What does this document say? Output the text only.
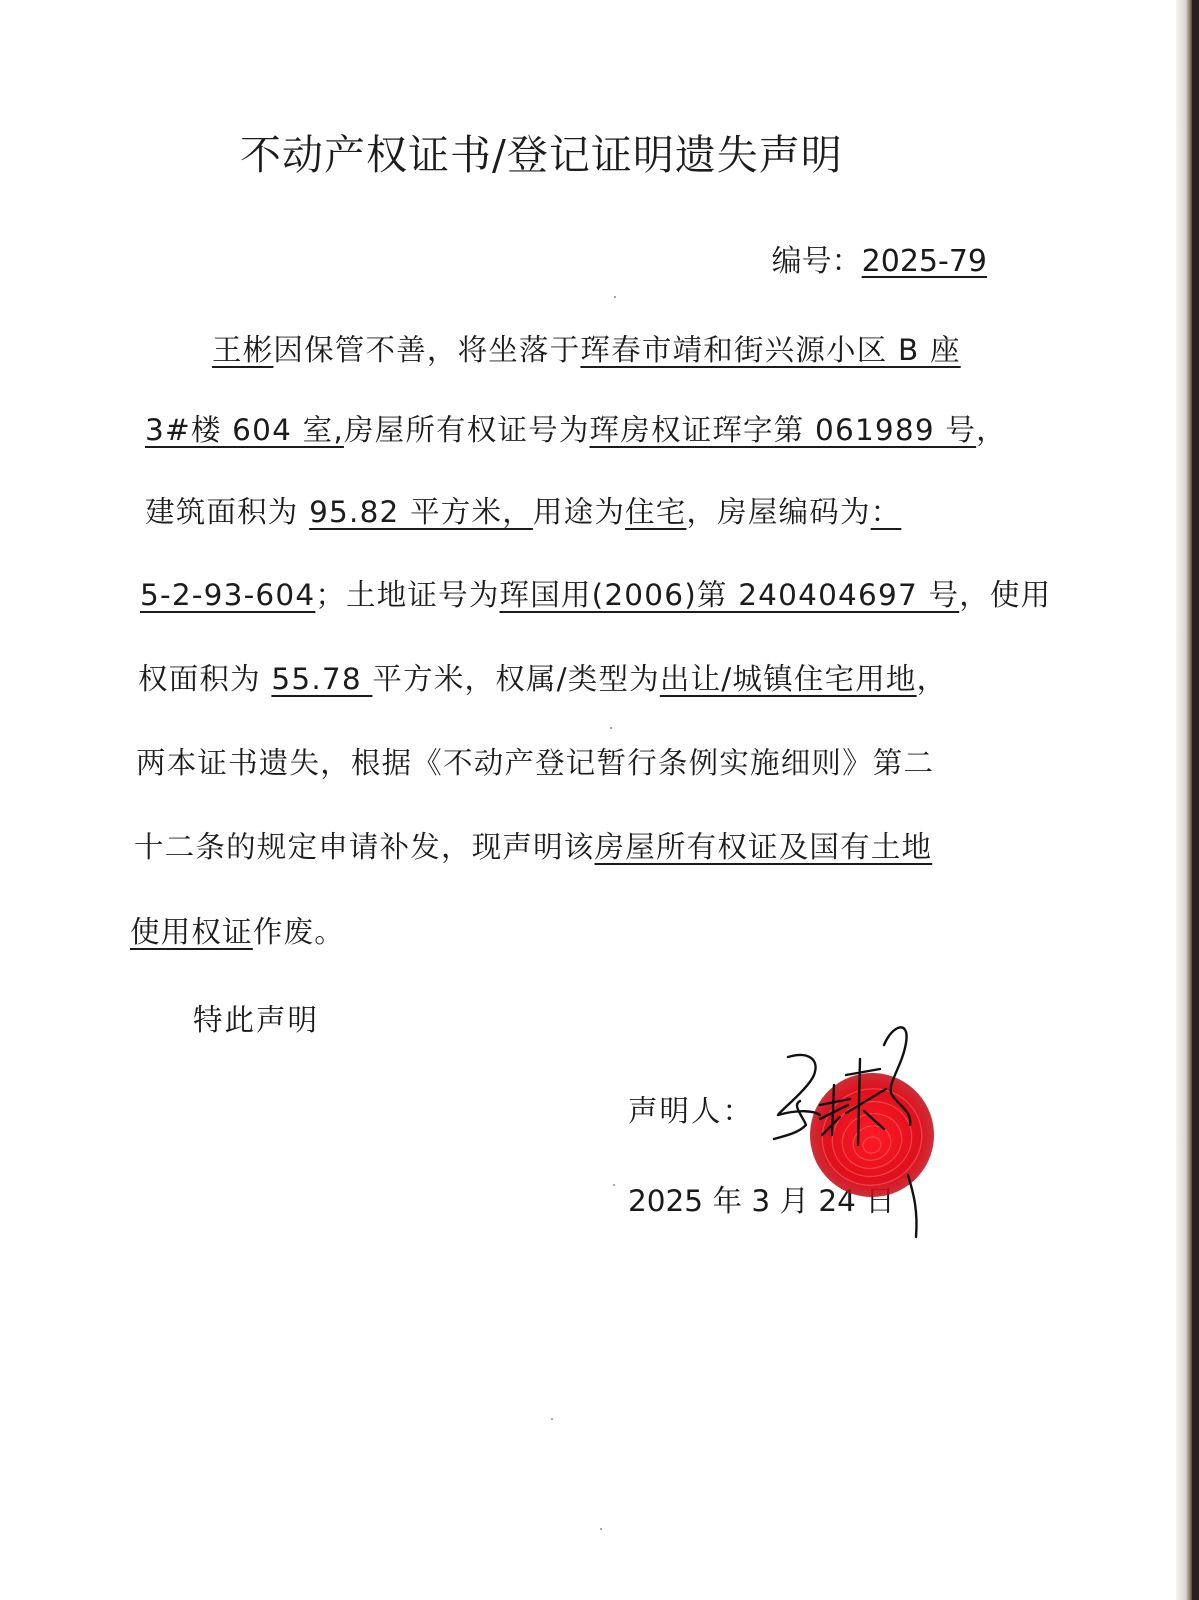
不动产权证书/登记证明遗失声明
编号：2025-79
王彬因保管不善，将坐落于珲春市靖和街兴源小区 B 座
3#楼 604 室,房屋所有权证号为珲房权证珲字第 061989 号，
建筑面积为 95.82 平方米，用途为住宅，房屋编码为：
5-2-93-604；土地证号为珲国用(2006)第 240404697 号，使用
权面积为 55.78 平方米，权属/类型为出让/城镇住宅用地，
两本证书遗失，根据《不动产登记暂行条例实施细则》第二
十二条的规定申请补发，现声明该房屋所有权证及国有土地
使用权证作废。
特此声明
声明人：
2025 年 3 月 24 日
